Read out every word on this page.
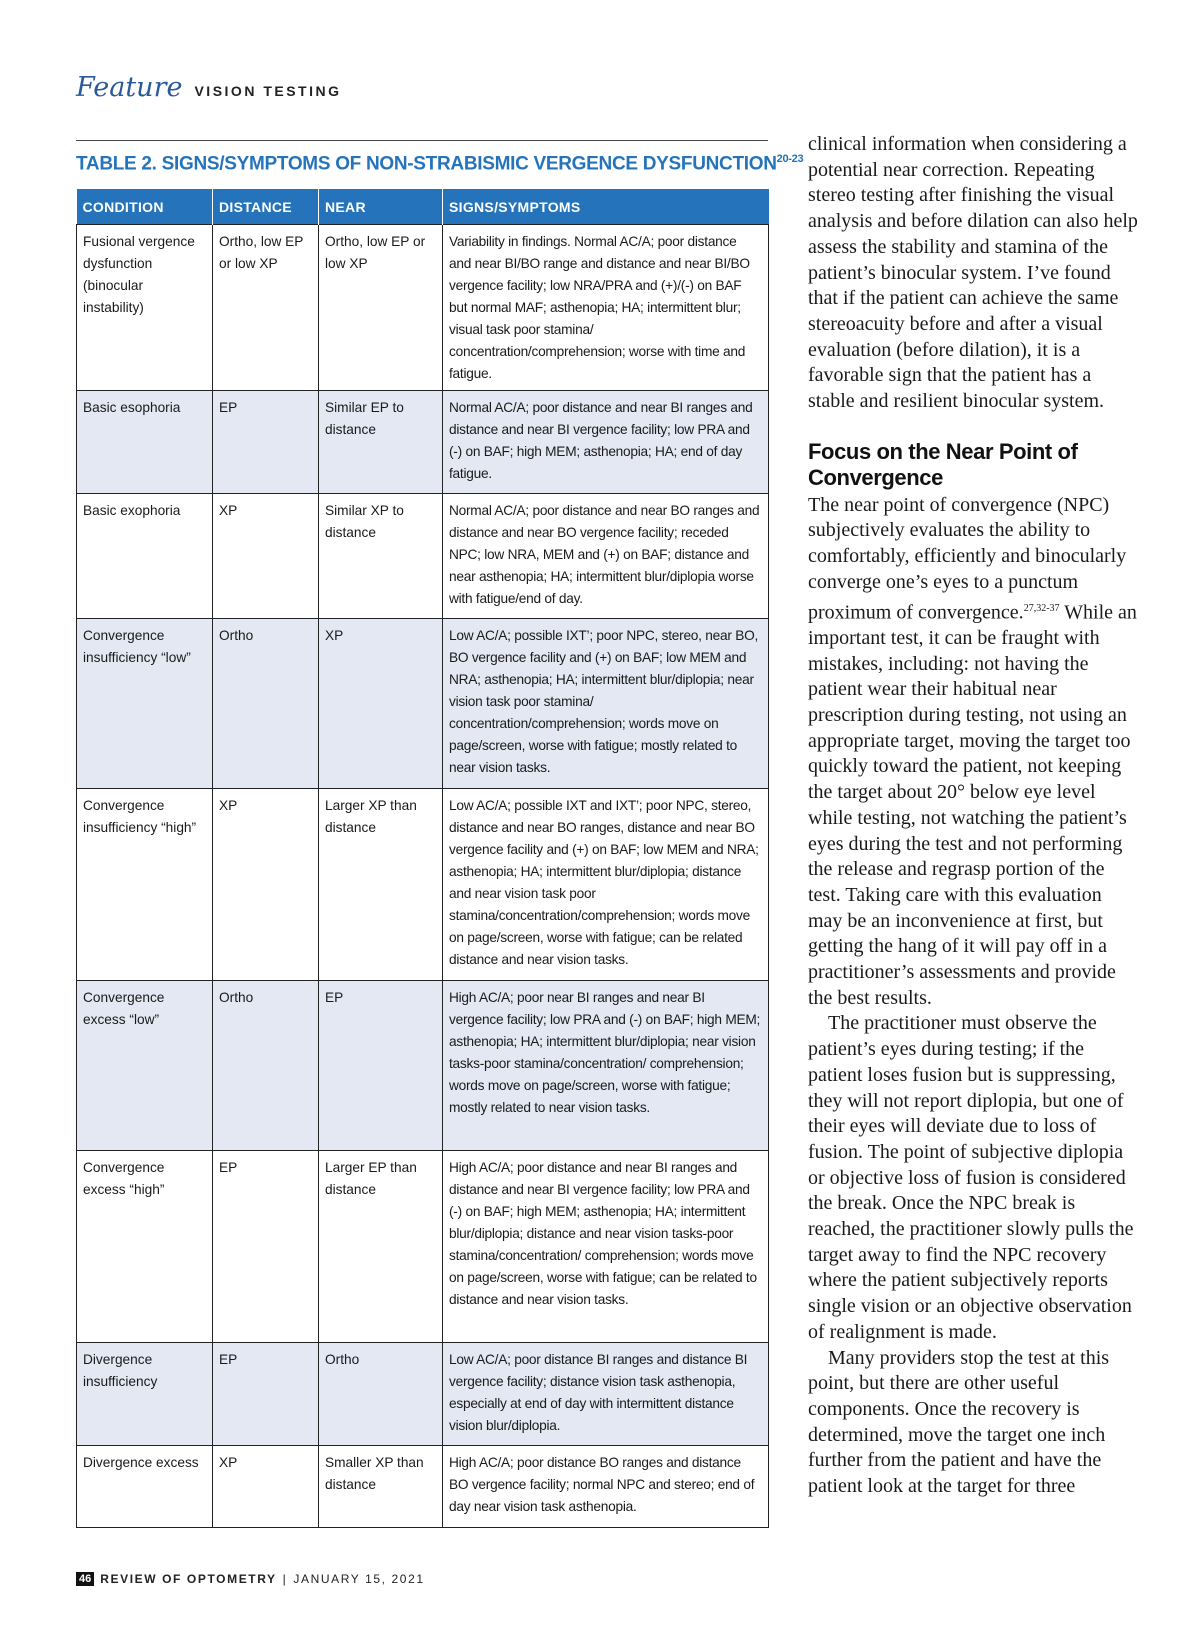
Feature VISION TESTING
TABLE 2. SIGNS/SYMPTOMS OF NON-STRABISMIC VERGENCE DYSFUNCTION$^{20-23}$
CONDITION	DISTANCE	NEAR	SIGNS/SYMPTOMS
Fusional vergence dysfunction (binocular instability)	Ortho, low EP or low XP	Ortho, low EP or low XP	Variability in findings. Normal AC/A; poor distance and near BI/BO range and distance and near BI/BO vergence facility; low NRA/PRA and (+)/(-) on BAF but normal MAF; asthenopia; HA; intermittent blur; visual task poor stamina/ concentration/comprehension; worse with time and fatigue.
Basic esophoria	EP	Similar EP to distance	Normal AC/A; poor distance and near BI ranges and distance and near BI vergence facility; low PRA and (-) on BAF; high MEM; asthenopia; HA; end of day fatigue.
Basic exophoria	XP	Similar XP to distance	Normal AC/A; poor distance and near BO ranges and distance and near BO vergence facility; receded NPC; low NRA, MEM and (+) on BAF; distance and near asthenopia; HA; intermittent blur/diplopia worse with fatigue/end of day.
Convergence insufficiency “low”	Ortho	XP	Low AC/A; possible IXT’; poor NPC, stereo, near BO, BO vergence facility and (+) on BAF; low MEM and NRA; asthenopia; HA; intermittent blur/diplopia; near vision task poor stamina/ concentration/comprehension; words move on page/screen, worse with fatigue; mostly related to near vision tasks.
Convergence insufficiency “high”	XP	Larger XP than distance	Low AC/A; possible IXT and IXT’; poor NPC, stereo, distance and near BO ranges, distance and near BO vergence facility and (+) on BAF; low MEM and NRA; asthenopia; HA; intermittent blur/diplopia; distance and near vision task poor stamina/concentration/comprehension; words move on page/screen, worse with fatigue; can be related distance and near vision tasks.
Convergence excess “low”	Ortho	EP	High AC/A; poor near BI ranges and near BI vergence facility; low PRA and (-) on BAF; high MEM; asthenopia; HA; intermittent blur/diplopia; near vision tasks-poor stamina/concentration/ comprehension; words move on page/screen, worse with fatigue; mostly related to near vision tasks.
Convergence excess “high”	EP	Larger EP than distance	High AC/A; poor distance and near BI ranges and distance and near BI vergence facility; low PRA and (-) on BAF; high MEM; asthenopia; HA; intermittent blur/diplopia; distance and near vision tasks-poor stamina/concentration/ comprehension; words move on page/screen, worse with fatigue; can be related to distance and near vision tasks.
Divergence insufficiency	EP	Ortho	Low AC/A; poor distance BI ranges and distance BI vergence facility; distance vision task asthenopia, especially at end of day with intermittent distance vision blur/diplopia.
Divergence excess	XP	Smaller XP than distance	High AC/A; poor distance BO ranges and distance BO vergence facility; normal NPC and stereo; end of day near vision task asthenopia.

clinical information when considering a potential near correction. Repeating stereo testing after finishing the visual analysis and before dilation can also help assess the stability and stamina of the patient’s binocular system. I’ve found that if the patient can achieve the same stereoacuity before and after a visual evaluation (before dilation), it is a favorable sign that the patient has a stable and resilient binocular system.

Focus on the Near Point of Convergence

The near point of convergence (NPC) subjectively evaluates the ability to comfortably, efficiently and binocularly converge one’s eyes to a punctum proximum of convergence.$^{27,32-37}$ While an important test, it can be fraught with mistakes, including: not having the patient wear their habitual near prescription during testing, not using an appropriate target, moving the target too quickly toward the patient, not keeping the target about 20° below eye level while testing, not watching the patient’s eyes during the test and not performing the release and regrasp portion of the test. Taking care with this evaluation may be an inconvenience at first, but getting the hang of it will pay off in a practitioner’s assessments and provide the best results.

The practitioner must observe the patient’s eyes during testing; if the patient loses fusion but is suppressing, they will not report diplopia, but one of their eyes will deviate due to loss of fusion. The point of subjective diplopia or objective loss of fusion is considered the break. Once the NPC break is reached, the practitioner slowly pulls the target away to find the NPC recovery where the patient subjectively reports single vision or an objective observation of realignment is made.

Many providers stop the test at this point, but there are other useful components. Once the recovery is determined, move the target one inch further from the patient and have the patient look at the target for three

46 REVIEW OF OPTOMETRY | JANUARY 15, 2021
